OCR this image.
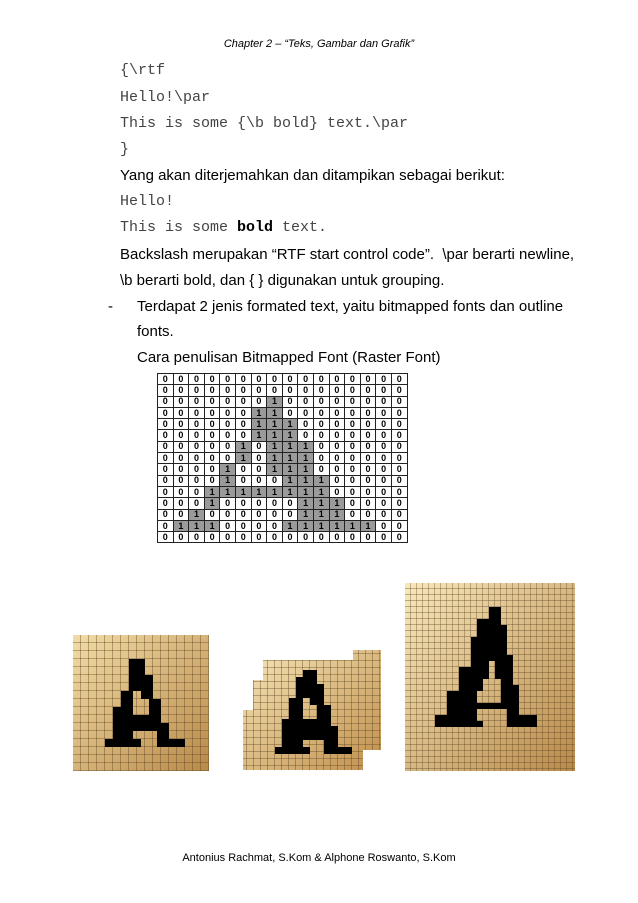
Chapter 2 – “Teks, Gambar dan Grafik”
{\rtf
Hello!\par
This is some {\b bold} text.\par
}
Yang akan diterjemahkan dan ditampikan sebagai berikut:
Hello!
This is some bold text.
Backslash merupakan “RTF start control code”.  \par berarti newline,
\b berarti bold, dan { } digunakan untuk grouping.
- Terdapat 2 jenis formated text, yaitu bitmapped fonts dan outline
fonts.
Cara penulisan Bitmapped Font (Raster Font)
0	0	0	0	0	0	0	0	0	0	0	0	0	0	0	0
0	0	0	0	0	0	0	0	0	0	0	0	0	0	0	0
0	0	0	0	0	0	0	1	0	0	0	0	0	0	0	0
0	0	0	0	0	0	1	1	0	0	0	0	0	0	0	0
0	0	0	0	0	0	1	1	1	0	0	0	0	0	0	0
0	0	0	0	0	0	1	1	1	0	0	0	0	0	0	0
0	0	0	0	0	1	0	1	1	1	0	0	0	0	0	0
0	0	0	0	0	1	0	1	1	1	0	0	0	0	0	0
0	0	0	0	1	0	0	1	1	1	0	0	0	0	0	0
0	0	0	0	1	0	0	0	1	1	1	0	0	0	0	0
0	0	0	1	1	1	1	1	1	1	1	0	0	0	0	0
0	0	0	1	0	0	0	0	0	1	1	1	0	0	0	0
0	0	1	0	0	0	0	0	0	1	1	1	0	0	0	0
0	1	1	1	0	0	0	0	1	1	1	1	1	1	0	0
0	0	0	0	0	0	0	0	0	0	0	0	0	0	0	0
Antonius Rachmat, S.Kom & Alphone Roswanto, S.Kom
